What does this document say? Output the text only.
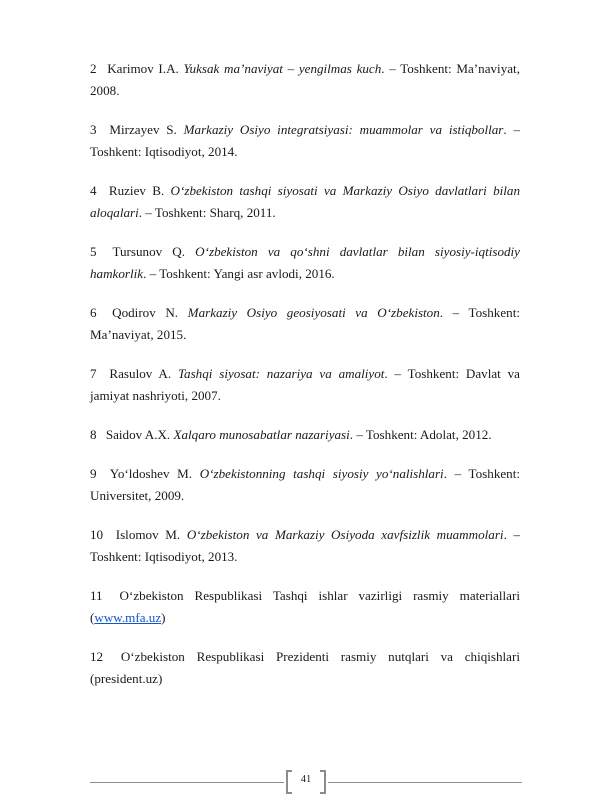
2 Karimov I.A. Yuksak ma’naviyat – yengilmas kuch. – Toshkent: Ma’naviyat, 2008.

3 Mirzayev S. Markaziy Osiyo integratsiyasi: muammolar va istiqbollar. – Toshkent: Iqtisodiyot, 2014.

4 Ruziev B. O‘zbekiston tashqi siyosati va Markaziy Osiyo davlatlari bilan aloqalari. – Toshkent: Sharq, 2011.

5 Tursunov Q. O‘zbekiston va qo‘shni davlatlar bilan siyosiy-iqtisodiy hamkorlik. – Toshkent: Yangi asr avlodi, 2016.

6 Qodirov N. Markaziy Osiyo geosiyosati va O‘zbekiston. – Toshkent: Ma’naviyat, 2015.

7 Rasulov A. Tashqi siyosat: nazariya va amaliyot. – Toshkent: Davlat va jamiyat nashriyoti, 2007.

8 Saidov A.X. Xalqaro munosabatlar nazariyasi. – Toshkent: Adolat, 2012.

9 Yo‘ldoshev M. O‘zbekistonning tashqi siyosiy yo‘nalishlari. – Toshkent: Universitet, 2009.

10 Islomov M. O‘zbekiston va Markaziy Osiyoda xavfsizlik muammolari. – Toshkent: Iqtisodiyot, 2013.

11 O‘zbekiston Respublikasi Tashqi ishlar vazirligi rasmiy materiallari (www.mfa.uz)

12 O‘zbekiston Respublikasi Prezidenti rasmiy nutqlari va chiqishlari (president.uz)

41
